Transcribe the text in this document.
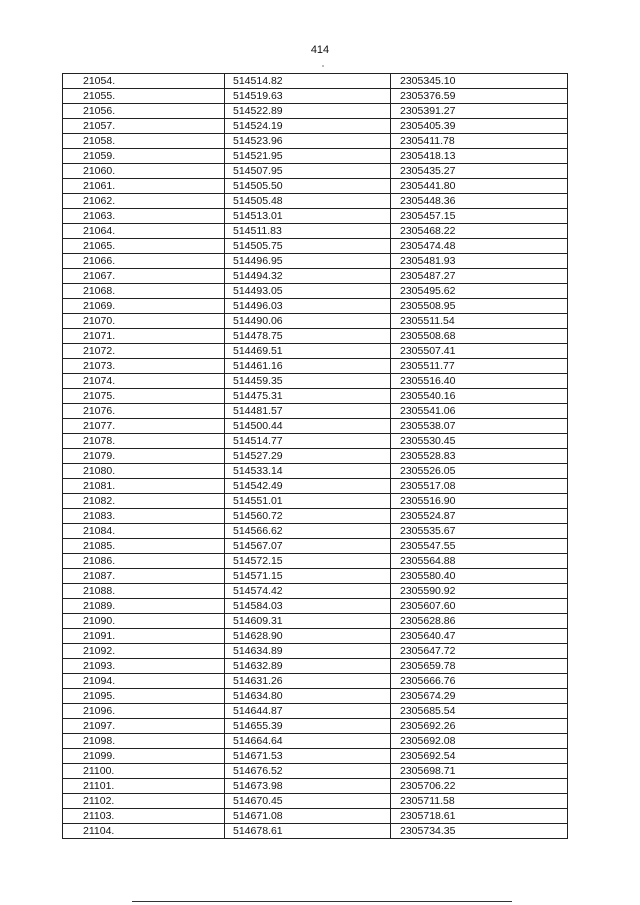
414
21054.	514514.82	2305345.10
21055.	514519.63	2305376.59
21056.	514522.89	2305391.27
21057.	514524.19	2305405.39
21058.	514523.96	2305411.78
21059.	514521.95	2305418.13
21060.	514507.95	2305435.27
21061.	514505.50	2305441.80
21062.	514505.48	2305448.36
21063.	514513.01	2305457.15
21064.	514511.83	2305468.22
21065.	514505.75	2305474.48
21066.	514496.95	2305481.93
21067.	514494.32	2305487.27
21068.	514493.05	2305495.62
21069.	514496.03	2305508.95
21070.	514490.06	2305511.54
21071.	514478.75	2305508.68
21072.	514469.51	2305507.41
21073.	514461.16	2305511.77
21074.	514459.35	2305516.40
21075.	514475.31	2305540.16
21076.	514481.57	2305541.06
21077.	514500.44	2305538.07
21078.	514514.77	2305530.45
21079.	514527.29	2305528.83
21080.	514533.14	2305526.05
21081.	514542.49	2305517.08
21082.	514551.01	2305516.90
21083.	514560.72	2305524.87
21084.	514566.62	2305535.67
21085.	514567.07	2305547.55
21086.	514572.15	2305564.88
21087.	514571.15	2305580.40
21088.	514574.42	2305590.92
21089.	514584.03	2305607.60
21090.	514609.31	2305628.86
21091.	514628.90	2305640.47
21092.	514634.89	2305647.72
21093.	514632.89	2305659.78
21094.	514631.26	2305666.76
21095.	514634.80	2305674.29
21096.	514644.87	2305685.54
21097.	514655.39	2305692.26
21098.	514664.64	2305692.08
21099.	514671.53	2305692.54
21100.	514676.52	2305698.71
21101.	514673.98	2305706.22
21102.	514670.45	2305711.58
21103.	514671.08	2305718.61
21104.	514678.61	2305734.35
